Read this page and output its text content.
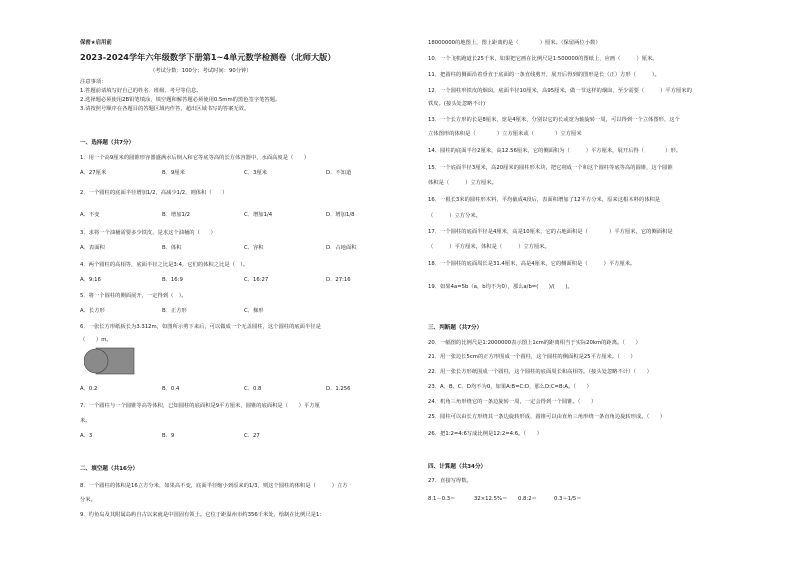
保密★启用前
2023-2024学年六年级数学下册第1~4单元数学检测卷（北师大版）
（考试分数：100分；考试时间：90分钟）
注意事项：
1.答题前请填写好自己的姓名、班级、考号等信息。
2.选择题必须使用2B铅笔填涂，填空题和解答题必须使用0.5mm的黑色签字笔答题。
3.请按照号顺序在各题目的答题区域内作答，超出区域书写的答案无效。
一、选择题（共7分）
1．用一个高9厘米的圆锥形容器盛满水后倒入和它等底等高的长方体容器中，水面高度是（　　）
A．27厘米	B．9厘米	C．3厘米	D．不知道
2．一个圆柱的底面半径增加1/2，高减少1/2，则体积（　　）
A．不变	B．增加1/2	C．增加1/4	D．增加1/8
3．求将一个油桶需要多少铁皮，是求这个油桶的（　　）
A．表面积	B．体积	C．容积	D．占地面积
4．两个圆柱的高相等，底面半径之比是3:4，它们的体积之比是（　）。
A．9:16	B．16:9	C．16:27	D．27:16
5．将一个圆柱的侧面展开，一定得到（　）。
A．长方形	B．正方形	C．梯形
6．一张长方形纸板长为3.312m，如图所示剪下来后，可以做成一个无盖圆柱，这个圆柱的底面半径是
（　　）m。
A．0.2	B．0.4	C．0.8	D．1.256
7．一个圆柱与一个圆锥等高等体积，已知圆柱的底面积是9平方厘米，圆锥的底面积是（　　）平方厘
米。
A．3	B．9	C．27
二、填空题（共16分）
8．一个圆柱的体积是16立方分米，如果高不变，底面半径缩小到原来的1/3，则这个圆柱的体积是（　　　）立方
分米。
9．钓鱼岛及其附属岛屿自古以来就是中国固有领土。它位于距温州市约356千米处，绘制在比例尺是1：
18000000的地图上，图上距离约是（　　　　）厘米。（保留两位小数）
10．一个飞机跑道长25千米，如果把它画在比例尺是1:500000的图纸上，应画（　　　）厘米。
11．把圆柱的侧面沿着垂直于底面的一条直线剪开，展开后得到的图形是长（正）方形（　　　）。
12．一个圆柱形铁皮的烟囱，底面半径10厘米，高95厘米，做一节这样的烟囱，至少需要（　　　）平方厘米的
铁皮。(接头处忽略不计)
13．一个长方形的长是8厘米，宽是4厘米，分别以它的长或宽为轴旋转一周，可以得到一个立体图形，这个
立体图形的体积是（　　　　）立方厘米或（　　　　）立方厘米
14．圆柱的底面半径2厘米，高12.56厘米，它的侧面积为（　　　）平方厘米，展开后得（　　　　）形。
15．一个底面半径3厘米，高20厘米的圆柱形木块，把它削成一个和这个圆柱等底等高的圆锥，这个圆锥
体积是（　　　）立方厘米。
16．一根长3米的圆柱形木料，平均截成4段后，表面积增加了12平方分米，原来这根木料的体积是
（　　　）立方分米。
17．一个圆柱的底面半径是4厘米，高是10厘米，它的占地面积是（　　　　）平方厘米，它的侧面积是
（　　　）平方厘米，体积是（　　　）立方厘米。
18．一个圆柱的底面周长是31.4厘米，高是4厘米，它的侧面积是（　　　）平方厘米。
19．如果4a=5b（a，b均不为0），那么a/b=(　　)/(　　)。
三、判断题（共7分）
20．一幅图的比例尺是1:2000000表示图上1cm的距离相当于实际20km的距离。（　　）
21．用一张边长5cm的正方形围成一个圆柱，这个圆柱的侧面积是25平方厘米。（　　）
22．用一张长方形纸围成一个圆柱，这个圆柱的底面周长和高相等。（接头处忽略不计）（　　）
23．A、B、C、D均不为0，如果A:B=C:D，那么D:C=B:A。（　　）
24．机角三角形绕它的一条边旋转一周，一定会得到一个圆锥。（　　）
25．圆柱可以由长方形绕其一条边旋转形成，圆锥可以由直角三角形绕一条直角边旋转形成。（　　）
26．把1:2=4:6写成比例是12:2=4:6。（　　）
四、计算题（共34分）
27．直接写得数。
8.1－0.3＝	32×12.5%＝ 0.8:2＝	0.3＋1/5＝
